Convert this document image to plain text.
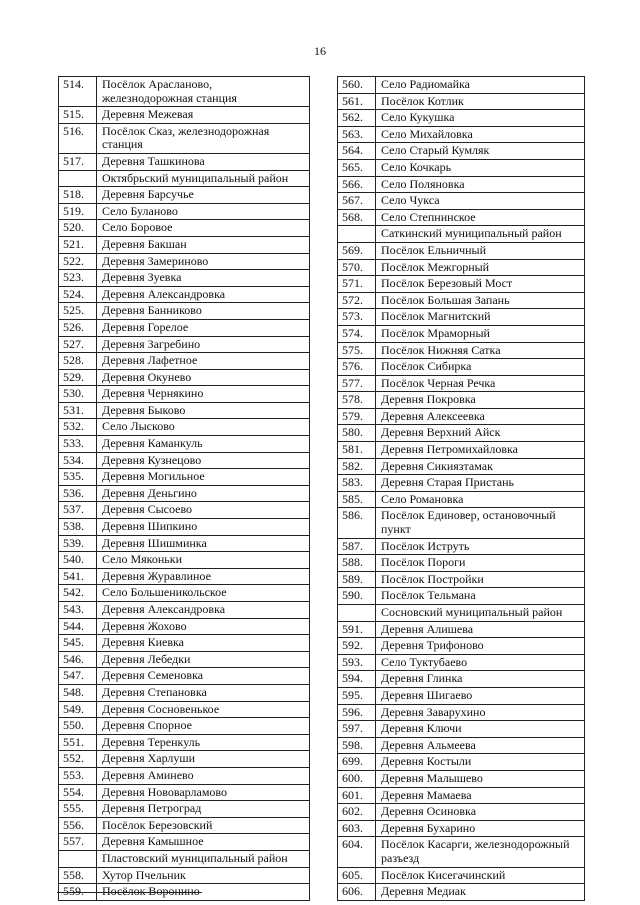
16
514.	Посёлок Арасланово, железнодорожная станция
515.	Деревня Межевая
516.	Посёлок Сказ, железнодорожная станция
517.	Деревня Ташкинова
	Октябрьский муниципальный район
518.	Деревня Барсучье
519.	Село Буланово
520.	Село Боровое
521.	Деревня Бакшан
522.	Деревня Замериново
523.	Деревня Зуевка
524.	Деревня Александровка
525.	Деревня Банниково
526.	Деревня Горелое
527.	Деревня Загребино
528.	Деревня Лафетное
529.	Деревня Окунево
530.	Деревня Чернякино
531.	Деревня Быково
532.	Село Лысково
533.	Деревня Каманкуль
534.	Деревня Кузнецово
535.	Деревня Могильное
536.	Деревня Деньгино
537.	Деревня Сысоево
538.	Деревня Шипкино
539.	Деревня Шишминка
540.	Село Мяконьки
541.	Деревня Журавлиное
542.	Село Большеникольское
543.	Деревня Александровка
544.	Деревня Жохово
545.	Деревня Киевка
546.	Деревня Лебедки
547.	Деревня Семеновка
548.	Деревня Степановка
549.	Деревня Сосновенькое
550.	Деревня Спорное
551.	Деревня Теренкуль
552.	Деревня Харлуши
553.	Деревня Аминево
554.	Деревня Нововарламово
555.	Деревня Петроград
556.	Посёлок Березовский
557.	Деревня Камышное
	Пластовский муниципальный район
558.	Хутор Пчельник
559.	Посёлок Воронино
560.	Село Радиомайка
561.	Посёлок Котлик
562.	Село Кукушка
563.	Село Михайловка
564.	Село Старый Кумляк
565.	Село Кочкарь
566.	Село Поляновка
567.	Село Чукса
568.	Село Степнинское
	Саткинский муниципальный район
569.	Посёлок Ельничный
570.	Посёлок Межгорный
571.	Посёлок Березовый Мост
572.	Посёлок Большая Запань
573.	Посёлок Магнитский
574.	Посёлок Мраморный
575.	Посёлок Нижняя Сатка
576.	Посёлок Сибирка
577.	Посёлок Черная Речка
578.	Деревня Покровка
579.	Деревня Алексеевка
580.	Деревня Верхний Айск
581.	Деревня Петромихайловка
582.	Деревня Сикиязтамак
583.	Деревня Старая Пристань
585.	Село Романовка
586.	Посёлок Единовер, остановочный пункт
587.	Посёлок Иструть
588.	Посёлок Пороги
589.	Посёлок Постройки
590.	Посёлок Тельмана
	Сосновский муниципальный район
591.	Деревня Алишева
592.	Деревня Трифоново
593.	Село Туктубаево
594.	Деревня Глинка
595.	Деревня Шигаево
596.	Деревня Заварухино
597.	Деревня Ключи
598.	Деревня Альмеева
699.	Деревня Костыли
600.	Деревня Малышево
601.	Деревня Мамаева
602.	Деревня Осиновка
603.	Деревня Бухарино
604.	Посёлок Касарги, железнодорожный разъезд
605.	Посёлок Кисегачинский
606.	Деревня Медиак
